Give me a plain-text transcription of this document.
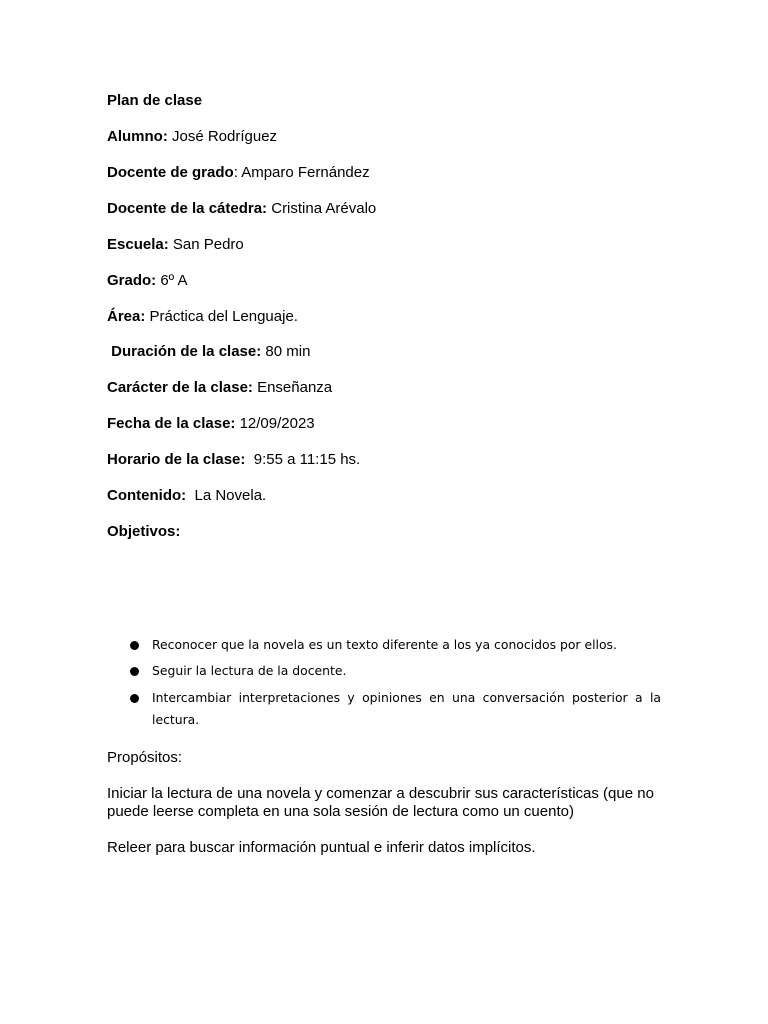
Plan de clase
Alumno: José Rodríguez
Docente de grado: Amparo Fernández
Docente de la cátedra: Cristina Arévalo
Escuela: San Pedro
Grado: 6º A
Área: Práctica del Lenguaje.
Duración de la clase: 80 min
Carácter de la clase: Enseñanza
Fecha de la clase: 12/09/2023
Horario de la clase:  9:55 a 11:15 hs.
Contenido:  La Novela.
Objetivos:
Reconocer que la novela es un texto diferente a los ya conocidos por ellos.
Seguir la lectura de la docente.
Intercambiar interpretaciones y opiniones en una conversación posterior a la lectura.
Propósitos:
Iniciar la lectura de una novela y comenzar a descubrir sus características (que no puede leerse completa en una sola sesión de lectura como un cuento)
Releer para buscar información puntual e inferir datos implícitos.
